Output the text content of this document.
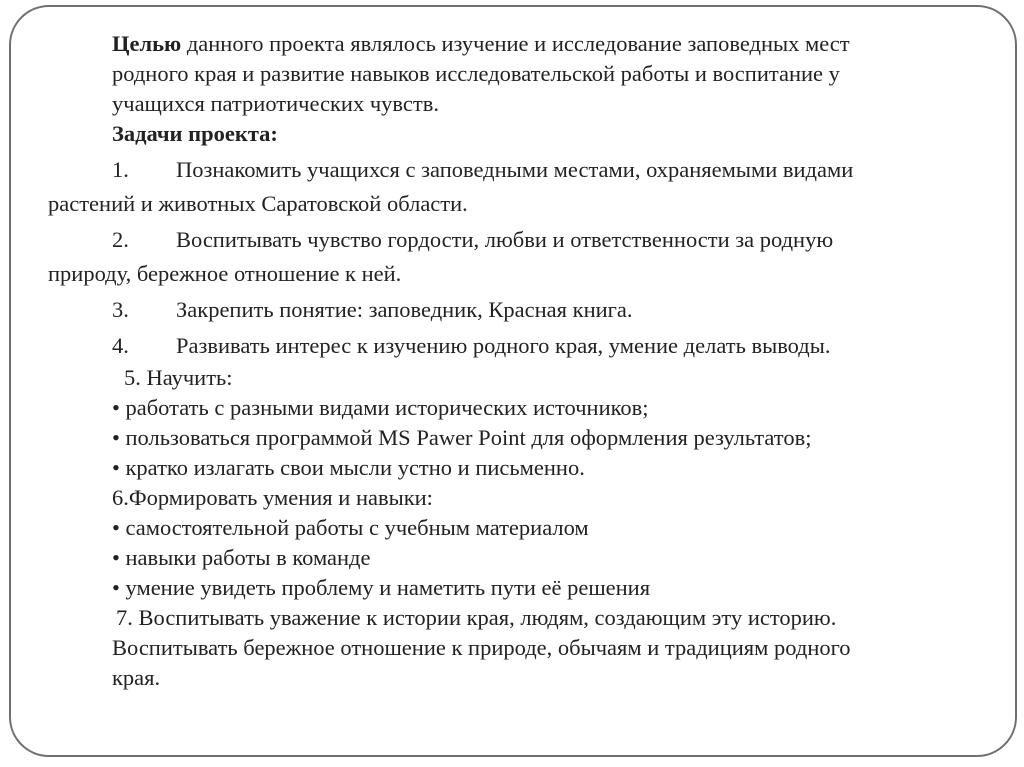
Целью данного проекта являлось изучение и исследование заповедных мест
родного края и развитие навыков исследовательской работы и воспитание у
учащихся патриотических чувств.
Задачи проекта:
1.	Познакомить учащихся с заповедными местами, охраняемыми видами
растений и животных Саратовской области.
2.	Воспитывать чувство гордости, любви и ответственности за родную
природу, бережное отношение к ней.
3.	Закрепить понятие: заповедник, Красная книга.
4.	Развивать интерес к изучению родного края, умение делать выводы.
5. Научить:
• работать с разными видами исторических источников;
• пользоваться программой MS Pawer Point для оформления результатов;
• кратко излагать свои мысли устно и письменно.
6.Формировать умения и навыки:
• самостоятельной работы с учебным материалом
• навыки работы в команде
• умение увидеть проблему и наметить пути её решения
7. Воспитывать уважение к истории края, людям, создающим эту историю.
Воспитывать бережное отношение к природе, обычаям и традициям родного
края.
